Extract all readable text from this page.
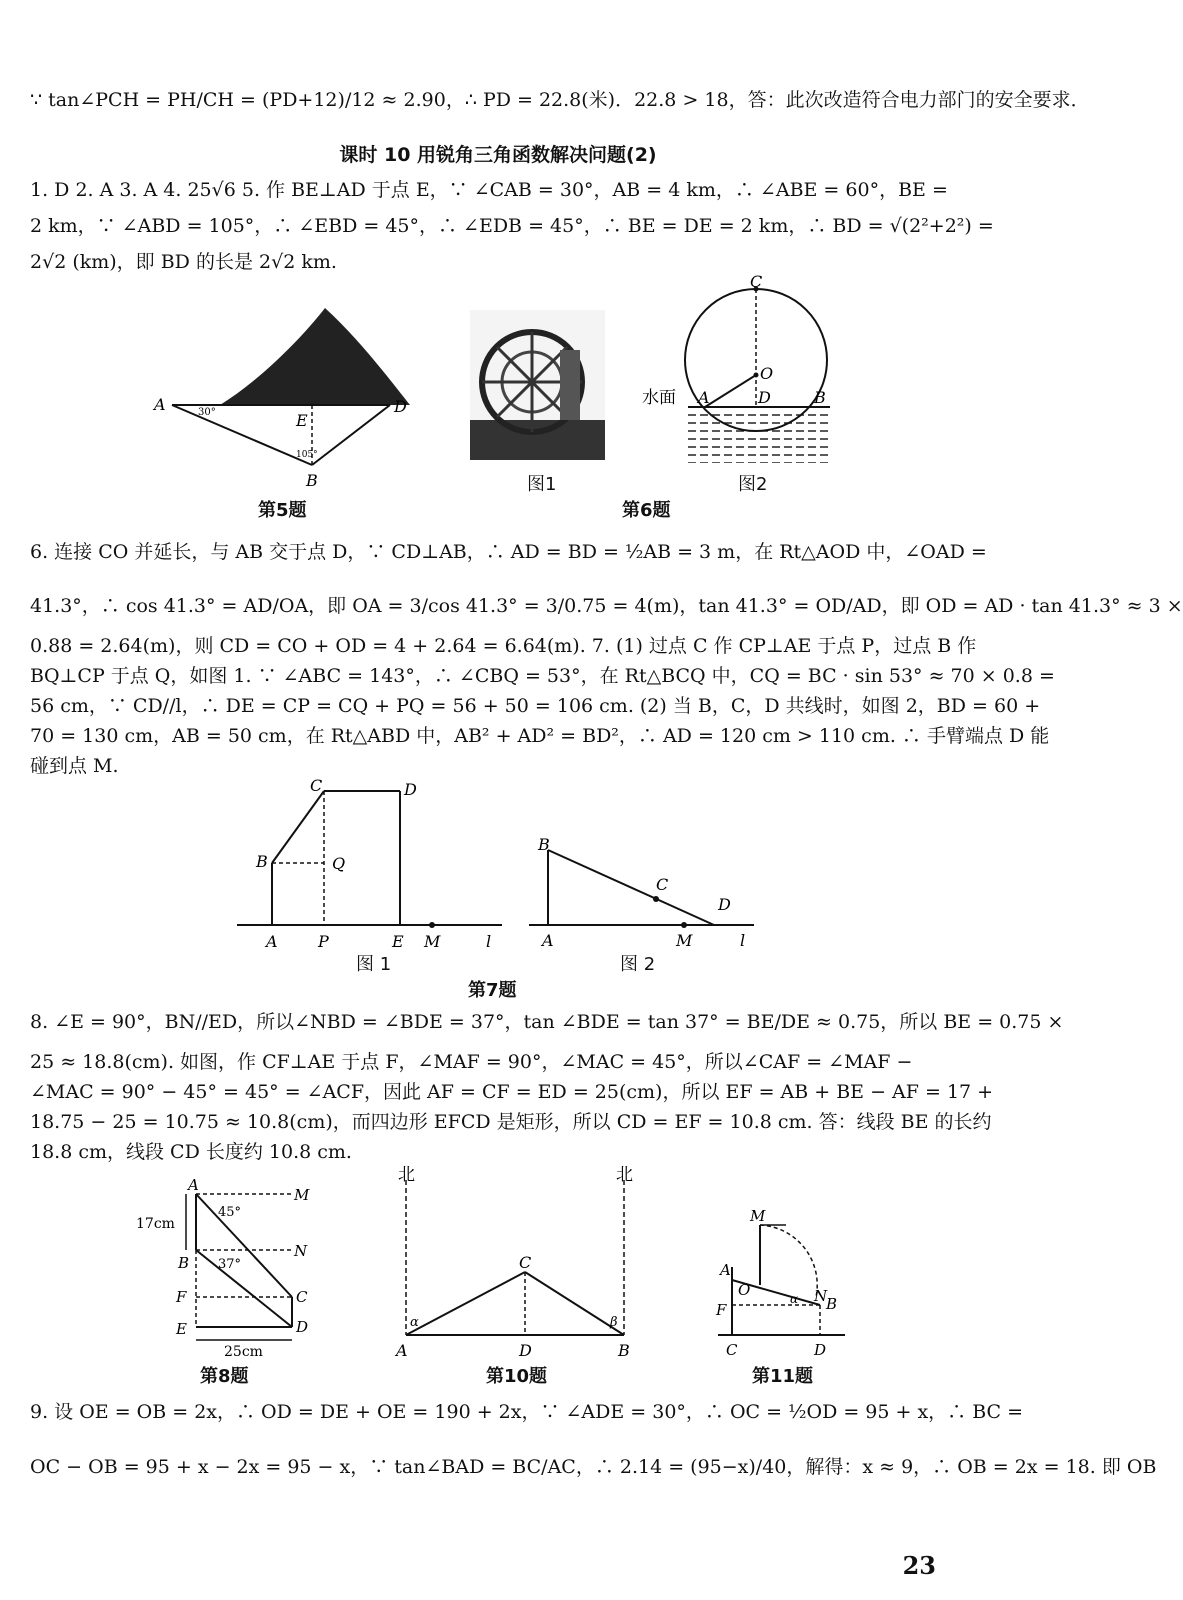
∵ tan∠PCH = PH/CH = (PD+12)/12 ≈ 2.90，∴ PD = 22.8(米)．22.8 > 18，答：此次改造符合电力部门的安全要求．
课时 10 用锐角三角函数解决问题(2)
1. D 2. A 3. A 4. 25√6 5. 作 BE⊥AD 于点 E，∵ ∠CAB = 30°，AB = 4 km，∴ ∠ABE = 60°，BE =
2 km，∵ ∠ABD = 105°，∴ ∠EBD = 45°，∴ ∠EDB = 45°，∴ BE = DE = 2 km，∴ BD = √(2²+2²) =
2√2 (km)，即 BD 的长是 2√2 km.
A
C
E
D
B
30°
105°
第5题
图1
C
O
A	D	B
水面
图2
第6题
6. 连接 CO 并延长，与 AB 交于点 D，∵ CD⊥AB，∴ AD = BD = ½AB = 3 m，在 Rt△AOD 中，∠OAD =
41.3°，∴ cos 41.3° = AD/OA，即 OA = 3/cos 41.3° = 3/0.75 = 4(m)，tan 41.3° = OD/AD，即 OD = AD · tan 41.3° ≈ 3 ×
0.88 = 2.64(m)，则 CD = CO + OD = 4 + 2.64 = 6.64(m). 7. (1) 过点 C 作 CP⊥AE 于点 P，过点 B 作
BQ⊥CP 于点 Q，如图 1. ∵ ∠ABC = 143°，∴ ∠CBQ = 53°，在 Rt△BCQ 中，CQ = BC · sin 53° ≈ 70 × 0.8 =
56 cm，∵ CD//l，∴ DE = CP = CQ + PQ = 56 + 50 = 106 cm. (2) 当 B，C，D 共线时，如图 2，BD = 60 +
70 = 130 cm，AB = 50 cm，在 Rt△ABD 中，AB² + AD² = BD²，∴ AD = 120 cm > 110 cm. ∴ 手臂端点 D 能
碰到点 M.
A
B
C	D
P
Q
E M	l
图 1
A
B
C
D
M	l
图 2
第7题
8. ∠E = 90°，BN//ED，所以∠NBD = ∠BDE = 37°，tan ∠BDE = tan 37° = BE/DE ≈ 0.75，所以 BE = 0.75 ×
25 ≈ 18.8(cm). 如图，作 CF⊥AE 于点 F，∠MAF = 90°，∠MAC = 45°，所以∠CAF = ∠MAF −
∠MAC = 90° − 45° = 45° = ∠ACF，因此 AF = CF = ED = 25(cm)，所以 EF = AB + BE − AF = 17 +
18.75 − 25 = 10.75 ≈ 10.8(cm)，而四边形 EFCD 是矩形，所以 CD = EF = 10.8 cm. 答：线段 BE 的长约
18.8 cm，线段 CD 长度约 10.8 cm.
A
M
B
N
F	C
E	D
17cm
45°
37°
25cm
第8题
北	北
A	B
C
D
α	β
第10题
M
A
O
F
N
B
C	D
α
第11题
9. 设 OE = OB = 2x，∴ OD = DE + OE = 190 + 2x，∵ ∠ADE = 30°，∴ OC = ½OD = 95 + x，∴ BC =
OC − OB = 95 + x − 2x = 95 − x，∵ tan∠BAD = BC/AC，∴ 2.14 = (95−x)/40，解得：x ≈ 9，∴ OB = 2x = 18. 即 OB
23
